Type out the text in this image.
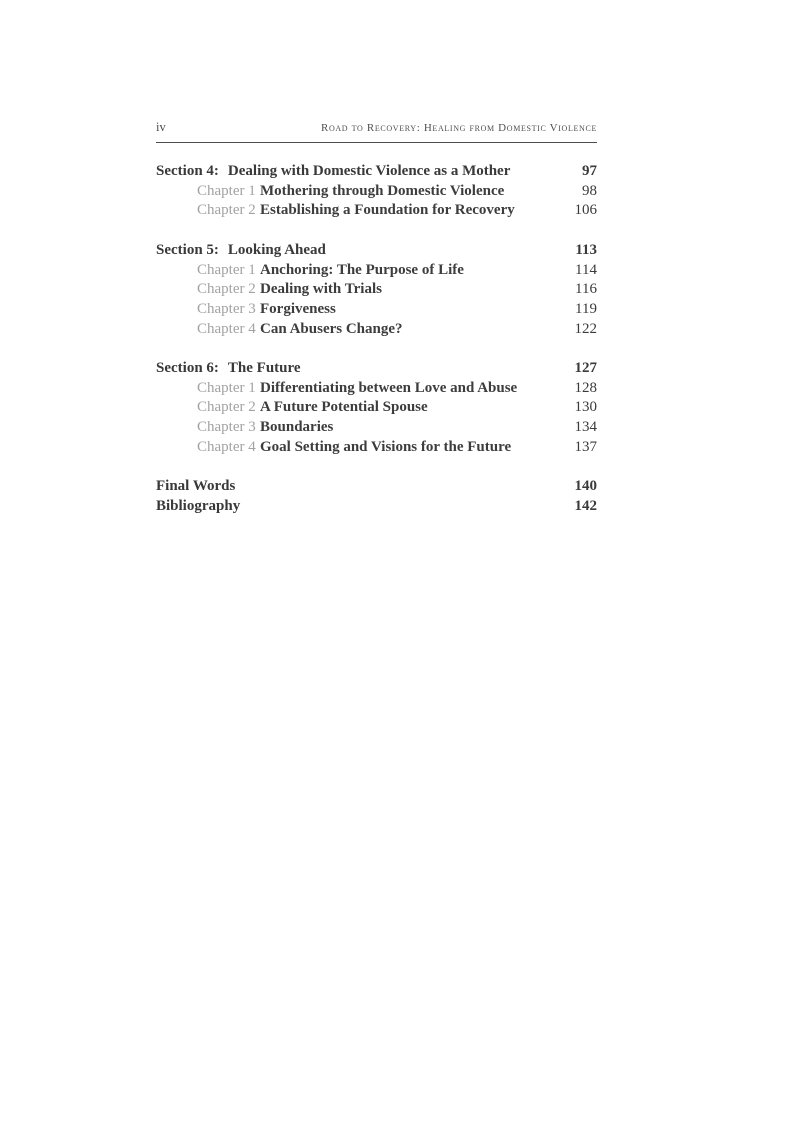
iv	Road to Recovery: Healing from Domestic Violence
Section 4: Dealing with Domestic Violence as a Mother	97
Chapter 1 Mothering through Domestic Violence	98
Chapter 2 Establishing a Foundation for Recovery	106
Section 5: Looking Ahead	113
Chapter 1 Anchoring: The Purpose of Life	114
Chapter 2 Dealing with Trials	116
Chapter 3 Forgiveness	119
Chapter 4 Can Abusers Change?	122
Section 6: The Future	127
Chapter 1 Differentiating between Love and Abuse	128
Chapter 2 A Future Potential Spouse	130
Chapter 3 Boundaries	134
Chapter 4 Goal Setting and Visions for the Future	137
Final Words	140
Bibliography	142
